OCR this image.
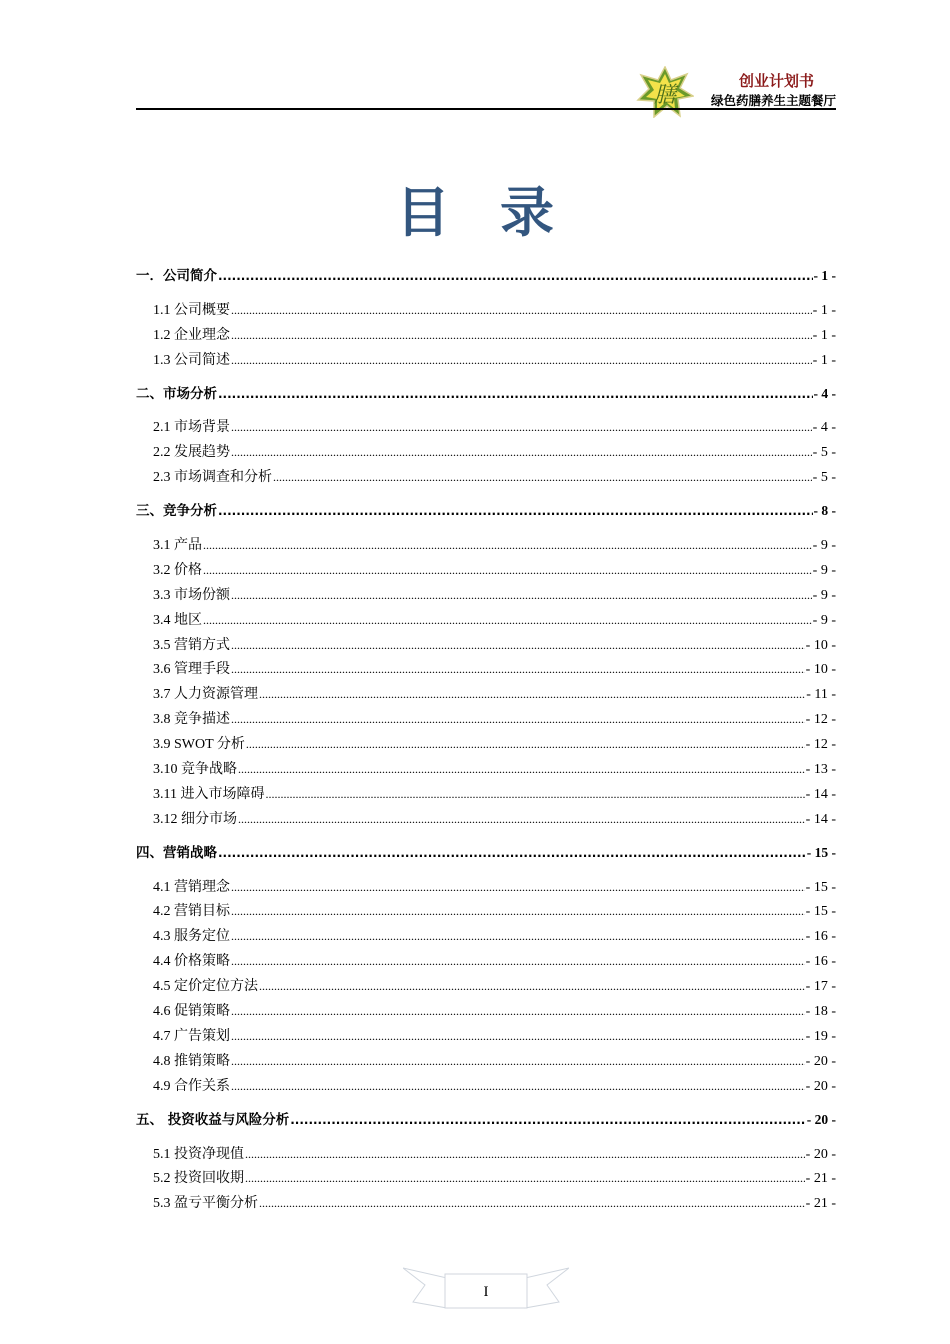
膳
创业计划书
绿色药膳养生主题餐厅
目录
一．公司简介 .....	- 1 -
1.1 公司概要 .....	- 1 -
1.2 企业理念 .....	- 1 -
1.3 公司简述 .....	- 1 -
二、市场分析 .....	- 4 -
2.1 市场背景 .....	- 4 -
2.2 发展趋势 .....	- 5 -
2.3 市场调查和分析 .....	- 5 -
三、竞争分析 .....	- 8 -
3.1 产品 .....	- 9 -
3.2 价格 .....	- 9 -
3.3 市场份额 .....	- 9 -
3.4 地区 .....	- 9 -
3.5 营销方式 .....	- 10 -
3.6 管理手段 .....	- 10 -
3.7 人力资源管理 .....	- 11 -
3.8 竞争描述 .....	- 12 -
3.9 SWOT 分析 .....	- 12 -
3.10 竞争战略 .....	- 13 -
3.11 进入市场障碍 .....	- 14 -
3.12 细分市场 .....	- 14 -
四、营销战略 .....	- 15 -
4.1 营销理念 .....	- 15 -
4.2 营销目标 .....	- 15 -
4.3 服务定位 .....	- 16 -
4.4 价格策略 .....	- 16 -
4.5 定价定位方法 .....	- 17 -
4.6 促销策略 .....	- 18 -
4.7 广告策划 .....	- 19 -
4.8 推销策略 .....	- 20 -
4.9 合作关系 .....	- 20 -
五、 投资收益与风险分析 .....	- 20 -
5.1 投资净现值 .....	- 20 -
5.2 投资回收期 .....	- 21 -
5.3 盈亏平衡分析 .....	- 21 -
I
